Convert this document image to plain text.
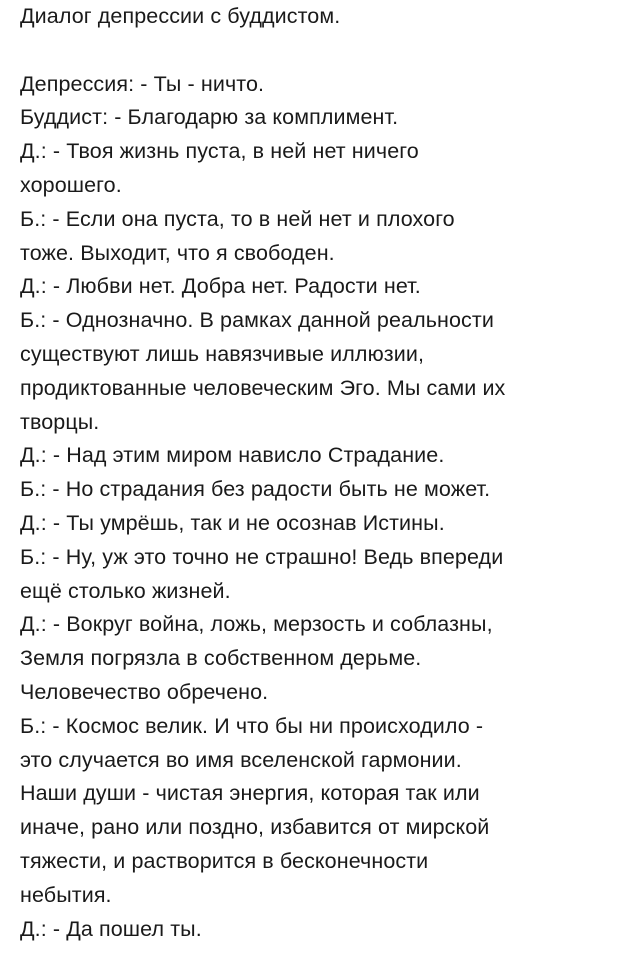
Диалог депрессии с буддистом.
Депрессия: - Ты - ничто.
Буддист: - Благодарю за комплимент.
Д.: - Твоя жизнь пуста, в ней нет ничего
хорошего.
Б.: - Если она пуста, то в ней нет и плохого
тоже. Выходит, что я свободен.
Д.: - Любви нет. Добра нет. Радости нет.
Б.: - Однозначно. В рамках данной реальности
существуют лишь навязчивые иллюзии,
продиктованные человеческим Эго. Мы сами их
творцы.
Д.: - Над этим миром нависло Страдание.
Б.: - Но страдания без радости быть не может.
Д.: - Ты умрёшь, так и не осознав Истины.
Б.: - Ну, уж это точно не страшно! Ведь впереди
ещё столько жизней.
Д.: - Вокруг война, ложь, мерзость и соблазны,
Земля погрязла в собственном дерьме.
Человечество обречено.
Б.: - Космос велик. И что бы ни происходило -
это случается во имя вселенской гармонии.
Наши души - чистая энергия, которая так или
иначе, рано или поздно, избавится от мирской
тяжести, и растворится в бесконечности
небытия.
Д.: - Да пошел ты.
